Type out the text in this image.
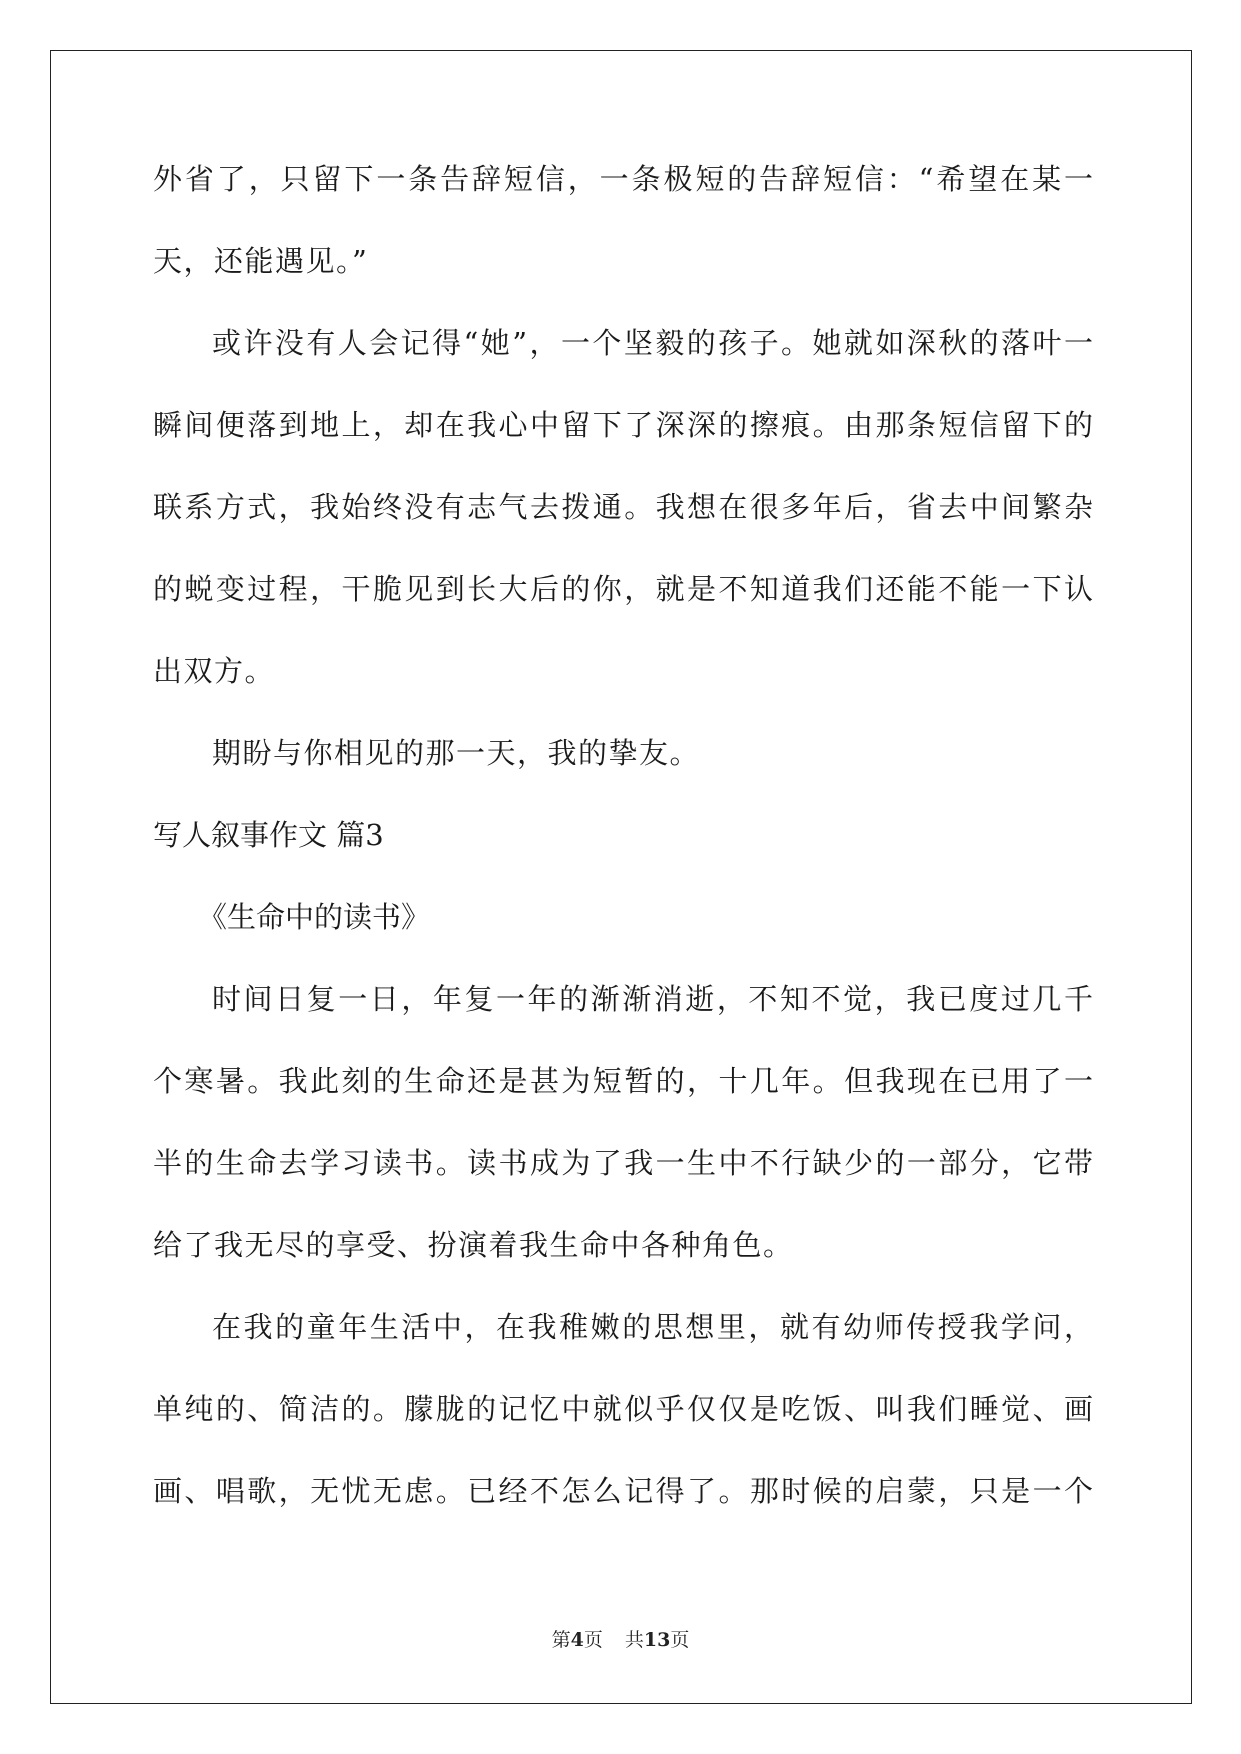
外省了，只留下一条告辞短信，一条极短的告辞短信：“希望在某一
天，还能遇见。”
或许没有人会记得“她”，一个坚毅的孩子。她就如深秋的落叶一
瞬间便落到地上，却在我心中留下了深深的擦痕。由那条短信留下的
联系方式，我始终没有志气去拨通。我想在很多年后，省去中间繁杂
的蜕变过程，干脆见到长大后的你，就是不知道我们还能不能一下认
出双方。
期盼与你相见的那一天，我的挚友。
写人叙事作文 篇3
《生命中的读书》
时间日复一日，年复一年的渐渐消逝，不知不觉，我已度过几千
个寒暑。我此刻的生命还是甚为短暂的，十几年。但我现在已用了一
半的生命去学习读书。读书成为了我一生中不行缺少的一部分，它带
给了我无尽的享受、扮演着我生命中各种角色。
在我的童年生活中，在我稚嫩的思想里，就有幼师传授我学问，
单纯的、简洁的。朦胧的记忆中就似乎仅仅是吃饭、叫我们睡觉、画
画、唱歌，无忧无虑。已经不怎么记得了。那时候的启蒙，只是一个
第4页 共13页
